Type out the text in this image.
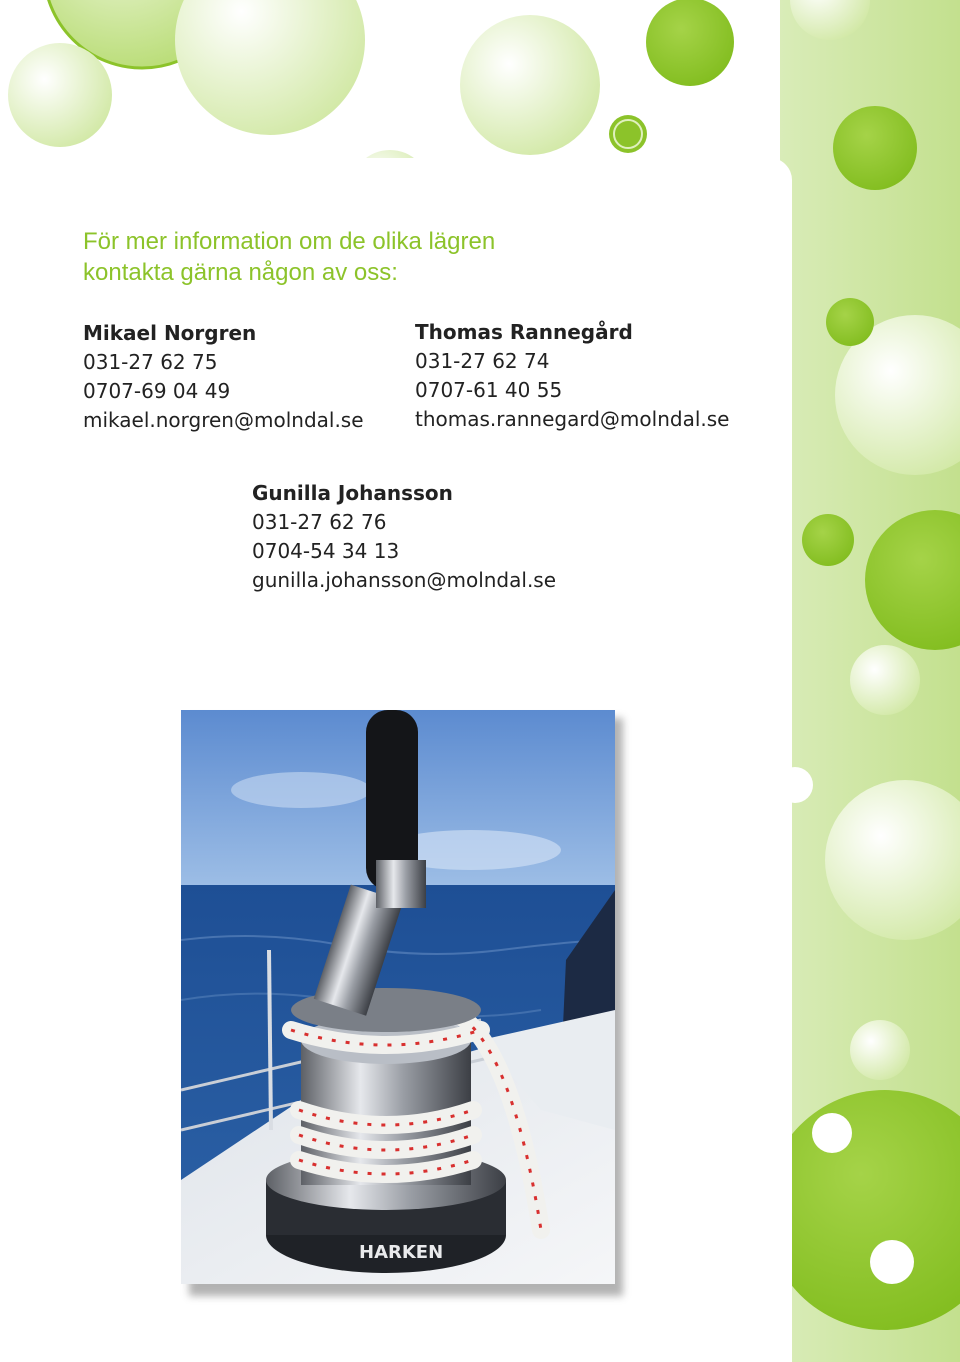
För mer information om de olika lägren
kontakta gärna någon av oss:
Mikael Norgren
031-27 62 75
0707-69 04 49
mikael.norgren@molndal.se
Thomas Rannegård
031-27 62 74
0707-61 40 55
thomas.rannegard@molndal.se
Gunilla Johansson
031-27 62 76
0704-54 34 13
gunilla.johansson@molndal.se
HARKEN
